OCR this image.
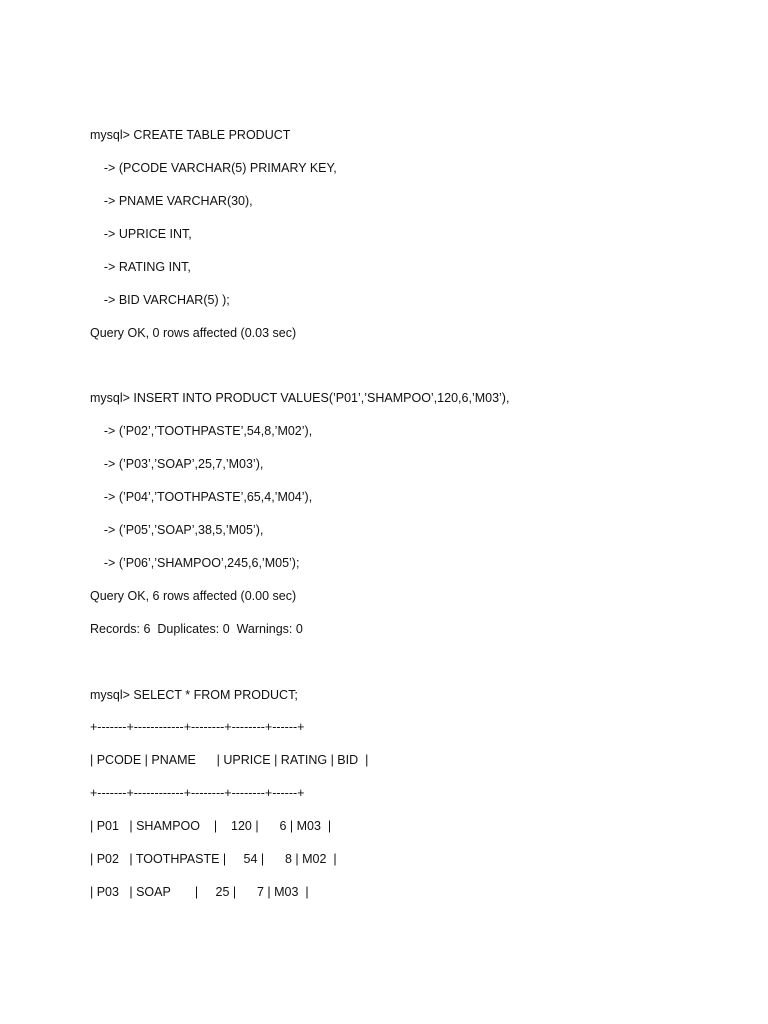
mysql> CREATE TABLE PRODUCT
-> (PCODE VARCHAR(5) PRIMARY KEY,
-> PNAME VARCHAR(30),
-> UPRICE INT,
-> RATING INT,
-> BID VARCHAR(5) );
Query OK, 0 rows affected (0.03 sec)
mysql> INSERT INTO PRODUCT VALUES(’P01’,’SHAMPOO’,120,6,’M03’),
-> (’P02’,’TOOTHPASTE’,54,8,’M02’),
-> (’P03’,’SOAP’,25,7,’M03’),
-> (’P04’,’TOOTHPASTE’,65,4,’M04’),
-> (’P05’,’SOAP’,38,5,’M05’),
-> (’P06’,’SHAMPOO’,245,6,’M05’);
Query OK, 6 rows affected (0.00 sec)
Records: 6  Duplicates: 0  Warnings: 0
mysql> SELECT * FROM PRODUCT;
+-------+------------+--------+--------+------+
| PCODE | PNAME      | UPRICE | RATING | BID  |
+-------+------------+--------+--------+------+
| P01   | SHAMPOO    |    120 |      6 | M03  |
| P02   | TOOTHPASTE |     54 |      8 | M02  |
| P03   | SOAP       |     25 |      7 | M03  |
